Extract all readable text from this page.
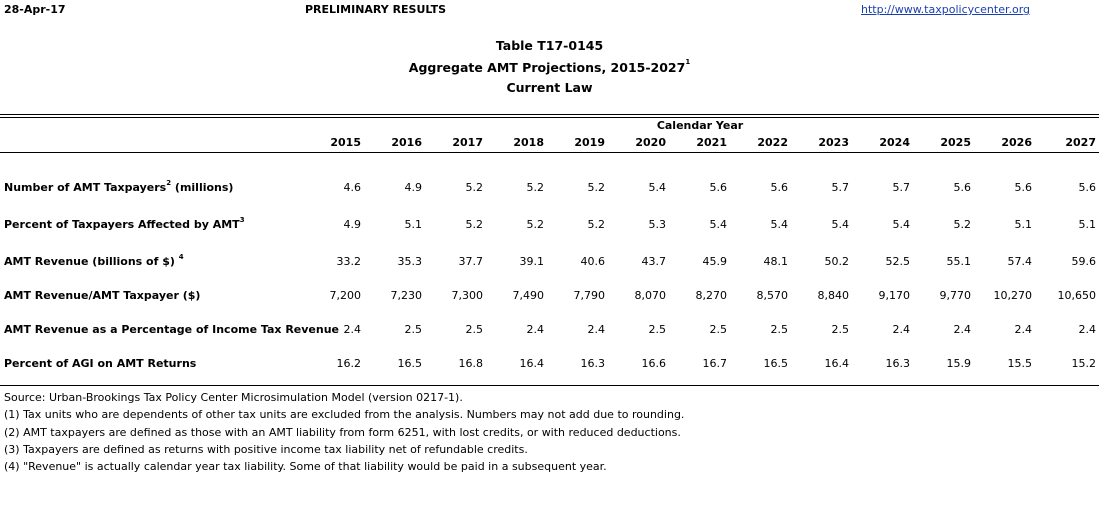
28-Apr-17	PRELIMINARY RESULTS	http://www.taxpolicycenter.org
Table T17-0145
Aggregate AMT Projections, 2015-2027$^1$
Current Law
Calendar Year
2015	2016	2017	2018	2019	2020	2021	2022	2023	2024	2025	2026	2027
Number of AMT Taxpayers$^2$ (millions)	4.6	4.9	5.2	5.2	5.2	5.4	5.6	5.6	5.7	5.7	5.6	5.6	5.6
Percent of Taxpayers Affected by AMT$^3$	4.9	5.1	5.2	5.2	5.2	5.3	5.4	5.4	5.4	5.4	5.2	5.1	5.1
AMT Revenue (billions of $) $^4$	33.2	35.3	37.7	39.1	40.6	43.7	45.9	48.1	50.2	52.5	55.1	57.4	59.6
AMT Revenue/AMT Taxpayer ($)	7,200	7,230	7,300	7,490	7,790	8,070	8,270	8,570	8,840	9,170	9,770	10,270	10,650
AMT Revenue as a Percentage of Income Tax Revenue 2.4	2.5	2.5	2.4	2.4	2.5	2.5	2.5	2.5	2.4	2.4	2.4	2.4
Percent of AGI on AMT Returns	16.2	16.5	16.8	16.4	16.3	16.6	16.7	16.5	16.4	16.3	15.9	15.5	15.2
Source: Urban-Brookings Tax Policy Center Microsimulation Model (version 0217-1).
(1) Tax units who are dependents of other tax units are excluded from the analysis. Numbers may not add due to rounding.
(2) AMT taxpayers are defined as those with an AMT liability from form 6251, with lost credits, or with reduced deductions.
(3) Taxpayers are defined as returns with positive income tax liability net of refundable credits.
(4) "Revenue" is actually calendar year tax liability. Some of that liability would be paid in a subsequent year.
